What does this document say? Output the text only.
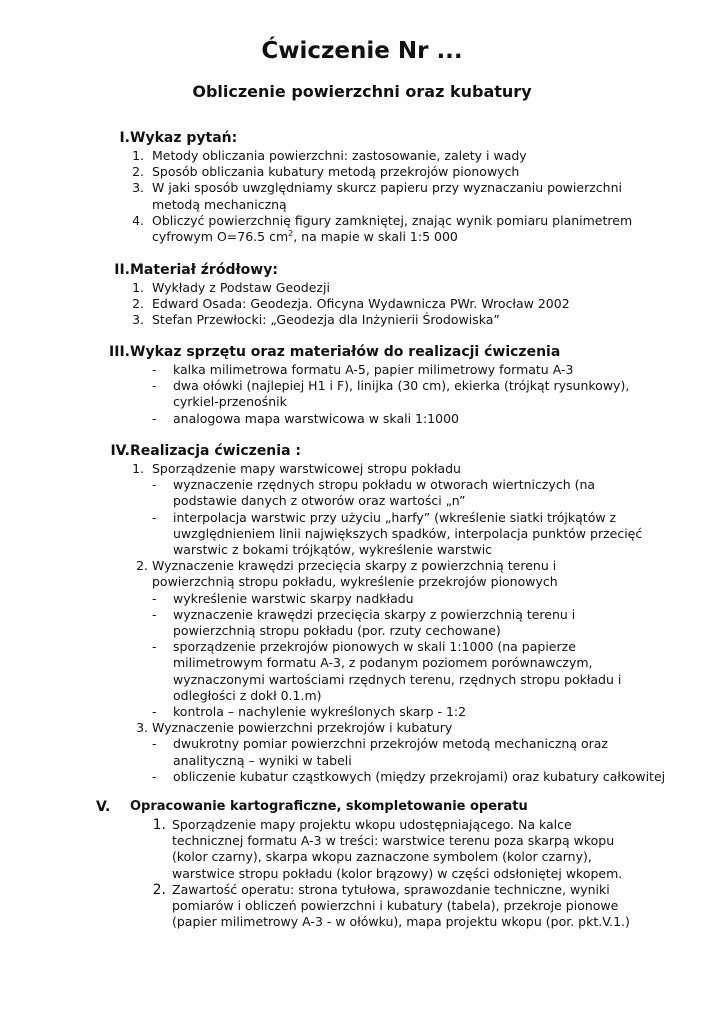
Ćwiczenie Nr ...
Obliczenie powierzchni oraz kubatury
I. Wykaz pytań:
1. Metody obliczania powierzchni: zastosowanie, zalety i wady
2. Sposób obliczania kubatury metodą przekrojów pionowych
3. W jaki sposób uwzględniamy skurcz papieru przy wyznaczaniu powierzchni metodą mechaniczną
4. Obliczyć powierzchnię figury zamkniętej, znając wynik pomiaru planimetrem cyfrowym O=76.5 $cm^2$, na mapie w skali 1:5 000
II. Materiał źródłowy:
1. Wykłady z Podstaw Geodezji
2. Edward Osada: Geodezja. Oficyna Wydawnicza PWr. Wrocław 2002
3. Stefan Przewłocki: „Geodezja dla Inżynierii Środowiska”
III. Wykaz sprzętu oraz materiałów do realizacji ćwiczenia
- kalka milimetrowa formatu A-5, papier milimetrowy formatu A-3
- dwa ołówki (najlepiej H1 i F), linijka (30 cm), ekierka (trójkąt rysunkowy), cyrkiel-przenośnik
- analogowa mapa warstwicowa w skali 1:1000
IV. Realizacja ćwiczenia :
1. Sporządzenie mapy warstwicowej stropu pokładu
- wyznaczenie rzędnych stropu pokładu w otworach wiertniczych (na podstawie danych z otworów oraz wartości „n”
- interpolacja warstwic przy użyciu „harfy” (wkreślenie siatki trójkątów z uwzględnieniem linii największych spadków, interpolacja punktów przecięć warstwic z bokami trójkątów, wykreślenie warstwic
2. Wyznaczenie krawędzi przecięcia skarpy z powierzchnią terenu i powierzchnią stropu pokładu, wykreślenie przekrojów pionowych
- wykreślenie warstwic skarpy nadkładu
- wyznaczenie krawędzi przecięcia skarpy z powierzchnią terenu i powierzchnią stropu pokładu (por. rzuty cechowane)
- sporządzenie przekrojów pionowych w skali 1:1000 (na papierze milimetrowym formatu A-3, z podanym poziomem porównawczym, wyznaczonymi wartościami rzędnych terenu, rzędnych stropu pokładu i odległości z dokł 0.1.m)
- kontrola – nachylenie wykreślonych skarp - 1:2
3. Wyznaczenie powierzchni przekrojów i kubatury
- dwukrotny pomiar powierzchni przekrojów metodą mechaniczną oraz analityczną – wyniki w tabeli
- obliczenie kubatur cząstkowych (między przekrojami) oraz kubatury całkowitej
V.	Opracowanie kartograficzne, skompletowanie operatu
1. Sporządzenie mapy projektu wkopu udostępniającego. Na kalce technicznej formatu A-3 w treści: warstwice terenu poza skarpą wkopu (kolor czarny), skarpa wkopu zaznaczone symbolem (kolor czarny), warstwice stropu pokładu (kolor brązowy) w części odsłoniętej wkopem.
2. Zawartość operatu: strona tytułowa, sprawozdanie techniczne, wyniki pomiarów i obliczeń powierzchni i kubatury (tabela), przekroje pionowe (papier milimetrowy A-3 - w ołówku), mapa projektu wkopu (por. pkt.V.1.)
